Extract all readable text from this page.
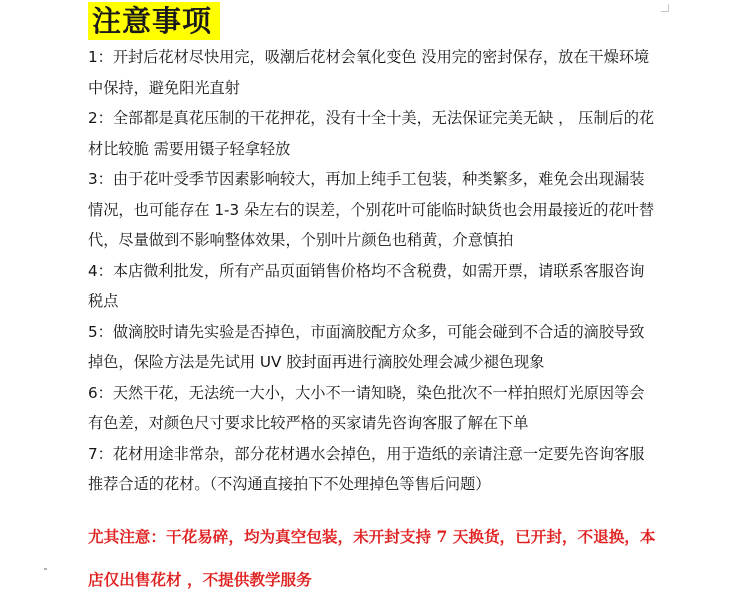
注意事项
1：开封后花材尽快用完，吸潮后花材会氧化变色 没用完的密封保存，放在干燥环境中保持，避免阳光直射
2：全部都是真花压制的干花押花，没有十全十美，无法保证完美无缺 ， 压制后的花材比较脆 需要用镊子轻拿轻放
3：由于花叶受季节因素影响较大，再加上纯手工包装，种类繁多，难免会出现漏装情况，也可能存在 1-3 朵左右的误差，个别花叶可能临时缺货也会用最接近的花叶替代，尽量做到不影响整体效果，个别叶片颜色也稍黄，介意慎拍
4：本店微利批发，所有产品页面销售价格均不含税费，如需开票，请联系客服咨询税点
5：做滴胶时请先实验是否掉色，市面滴胶配方众多，可能会碰到不合适的滴胶导致掉色，保险方法是先试用 UV 胶封面再进行滴胶处理会减少褪色现象
6：天然干花，无法统一大小，大小不一请知晓，染色批次不一样拍照灯光原因等会有色差，对颜色尺寸要求比较严格的买家请先咨询客服了解在下单
7：花材用途非常杂，部分花材遇水会掉色，用于造纸的亲请注意一定要先咨询客服推荐合适的花材。（不沟通直接拍下不处理掉色等售后问题）

尤其注意：干花易碎，均为真空包装，未开封支持 7 天换货，已开封，不退换，本店仅出售花材 ，不提供教学服务
